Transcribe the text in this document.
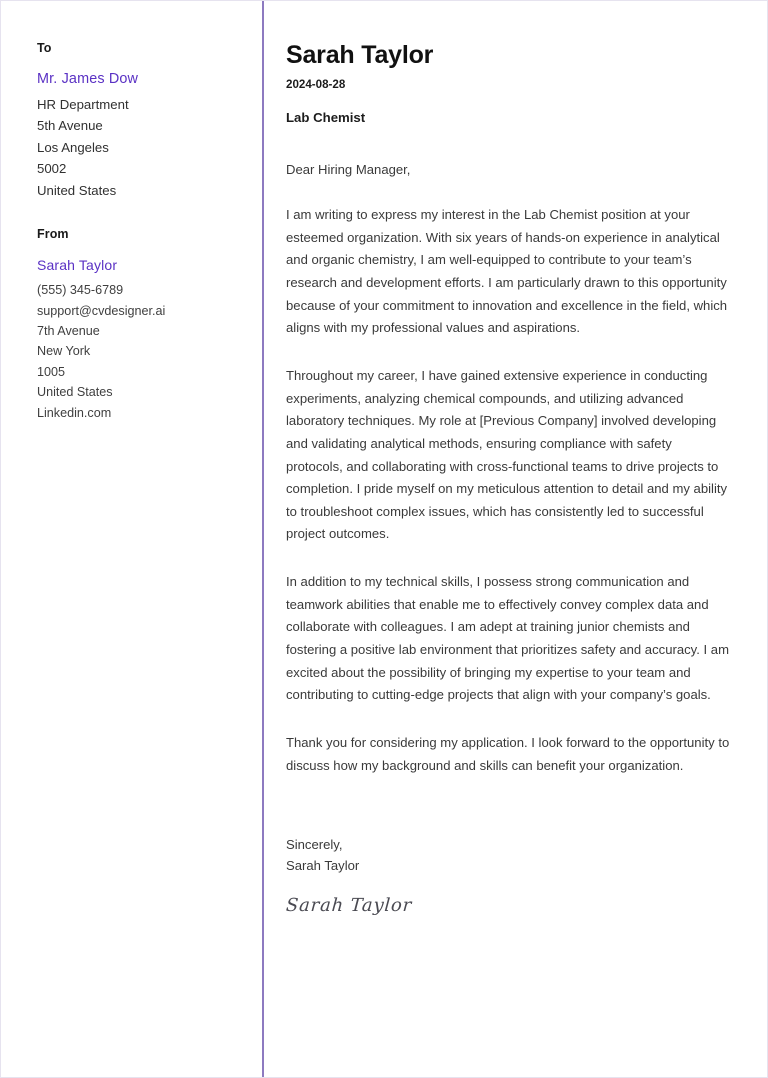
To
Mr. James Dow
HR Department
5th Avenue
Los Angeles
5002
United States
From
Sarah Taylor
(555) 345-6789
support@cvdesigner.ai
7th Avenue
New York
1005
United States
Linkedin.com
Sarah Taylor
2024-08-28
Lab Chemist

Dear Hiring Manager,

I am writing to express my interest in the Lab Chemist position at your esteemed organization. With six years of hands-on experience in analytical and organic chemistry, I am well-equipped to contribute to your team’s research and development efforts. I am particularly drawn to this opportunity because of your commitment to innovation and excellence in the field, which aligns with my professional values and aspirations.

Throughout my career, I have gained extensive experience in conducting experiments, analyzing chemical compounds, and utilizing advanced laboratory techniques. My role at [Previous Company] involved developing and validating analytical methods, ensuring compliance with safety protocols, and collaborating with cross-functional teams to drive projects to completion. I pride myself on my meticulous attention to detail and my ability to troubleshoot complex issues, which has consistently led to successful project outcomes.

In addition to my technical skills, I possess strong communication and teamwork abilities that enable me to effectively convey complex data and collaborate with colleagues. I am adept at training junior chemists and fostering a positive lab environment that prioritizes safety and accuracy. I am excited about the possibility of bringing my expertise to your team and contributing to cutting-edge projects that align with your company’s goals.

Thank you for considering my application. I look forward to the opportunity to discuss how my background and skills can benefit your organization.

Sincerely,
Sarah Taylor
Sarah Taylor
